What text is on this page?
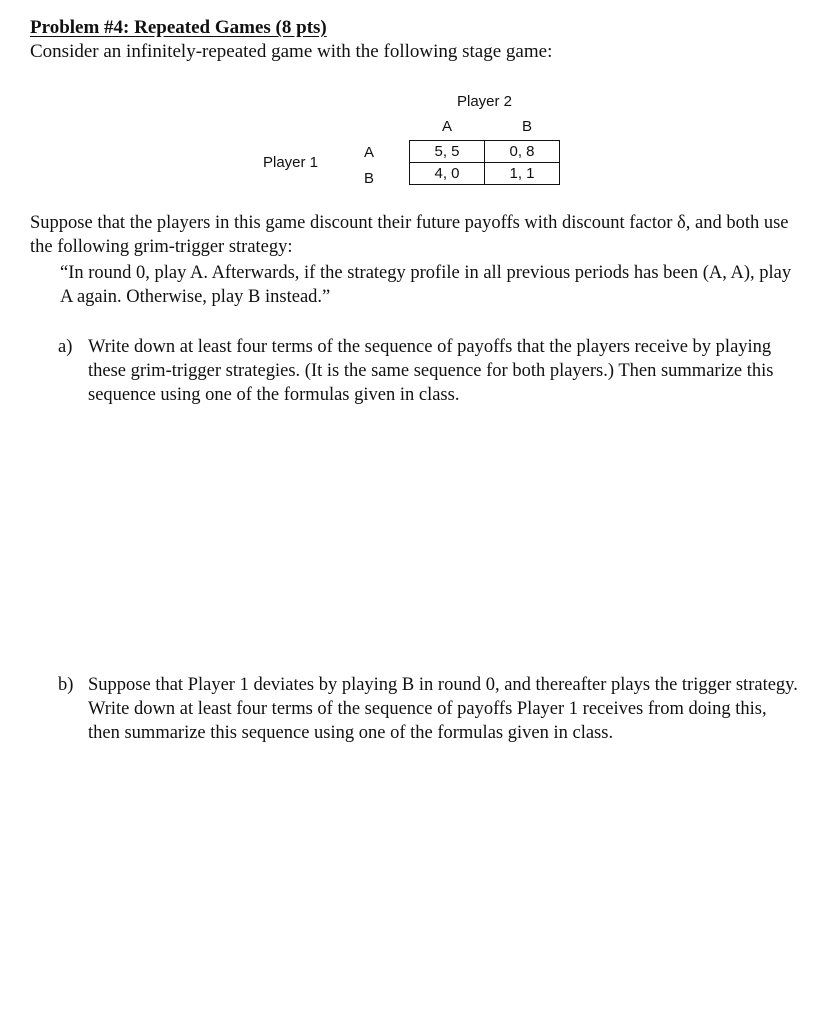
Problem #4: Repeated Games (8 pts)
Consider an infinitely-repeated game with the following stage game:
Player 2
A	B
Player 1
A
B
5, 5	0, 8
4, 0	1, 1
Suppose that the players in this game discount their future payoffs with discount factor δ, and both use the following grim-trigger strategy:
“In round 0, play A. Afterwards, if the strategy profile in all previous periods has been (A, A), play A again. Otherwise, play B instead.”
a) Write down at least four terms of the sequence of payoffs that the players receive by playing these grim-trigger strategies. (It is the same sequence for both players.) Then summarize this sequence using one of the formulas given in class.
b) Suppose that Player 1 deviates by playing B in round 0, and thereafter plays the trigger strategy. Write down at least four terms of the sequence of payoffs Player 1 receives from doing this, then summarize this sequence using one of the formulas given in class.
